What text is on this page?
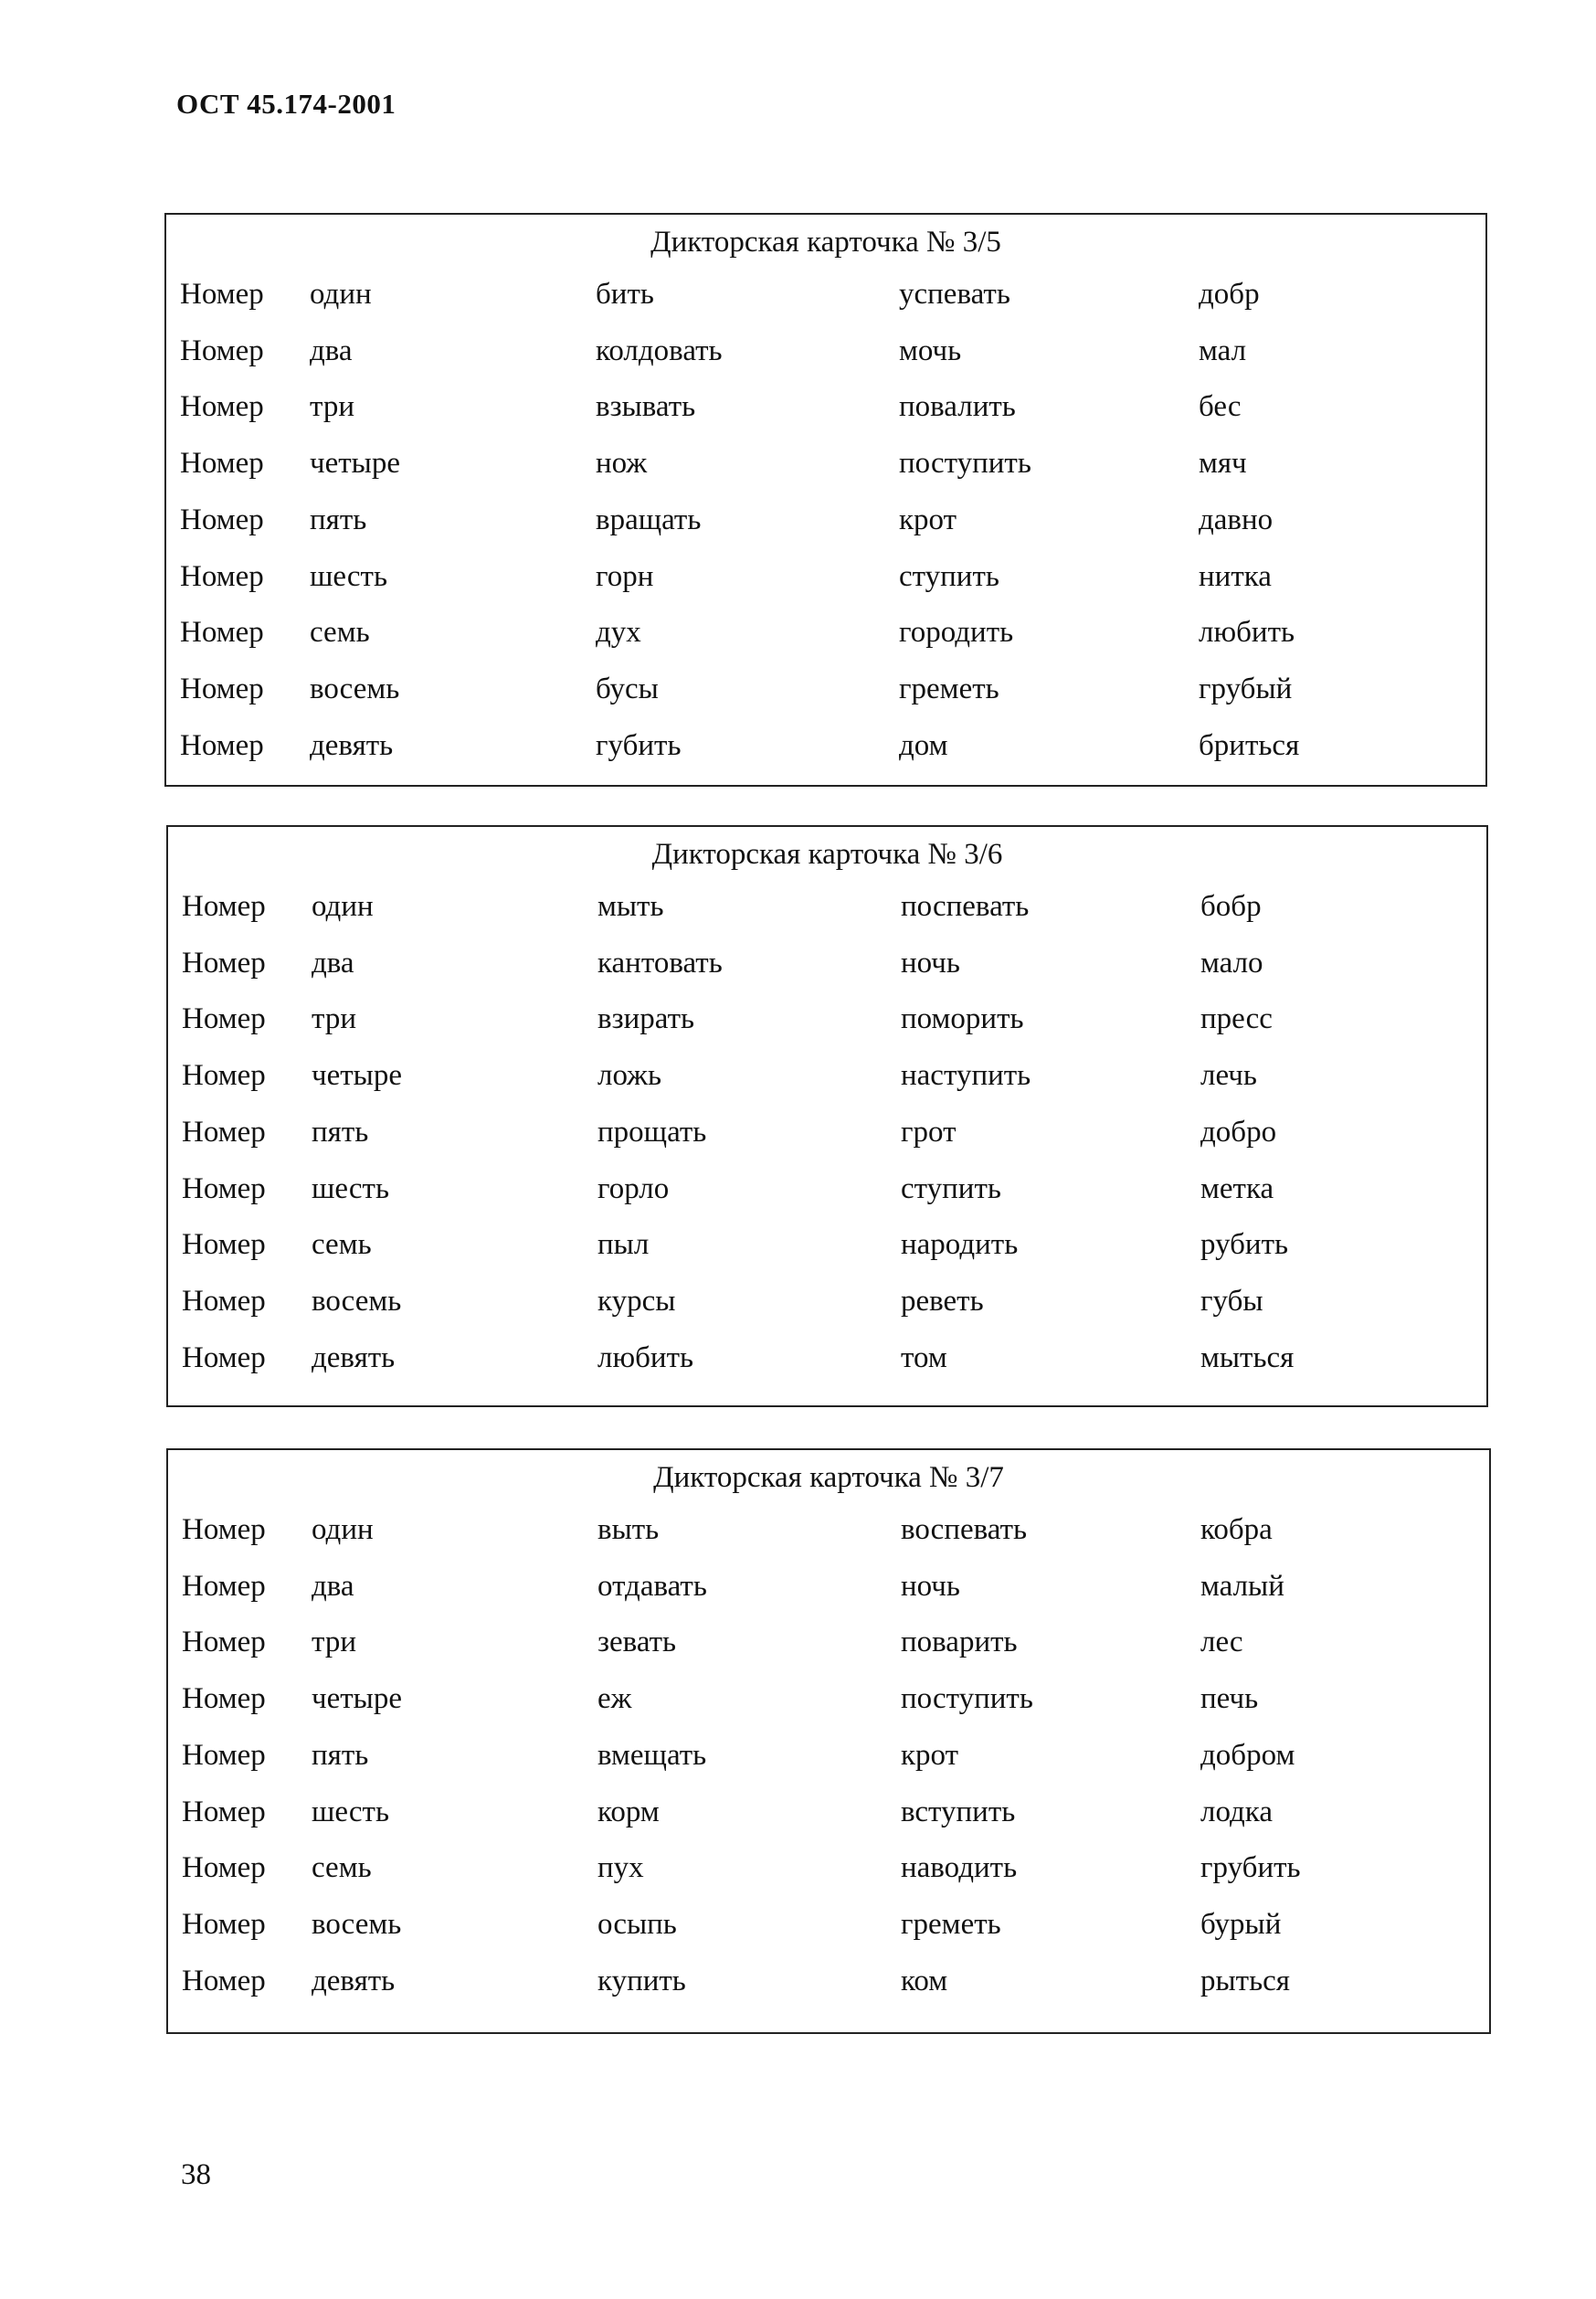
ОСТ 45.174-2001
Дикторская карточка № 3/5
Номер один	бить	успевать	добр
Номер два	колдовать	мочь	мал
Номер три	взывать	повалить	бес
Номер четыре	нож	поступить	мяч
Номер пять	вращать	крот	давно
Номер шесть	горн	ступить	нитка
Номер семь	дух	городить	любить
Номер восемь	бусы	греметь	грубый
Номер девять	губить	дом	бриться
Дикторская карточка № 3/6
Номер один	мыть	поспевать	бобр
Номер два	кантовать	ночь	мало
Номер три	взирать	поморить	пресс
Номер четыре	ложь	наступить	лечь
Номер пять	прощать	грот	добро
Номер шесть	горло	ступить	метка
Номер семь	пыл	народить	рубить
Номер восемь	курсы	реветь	губы
Номер девять	любить	том	мыться
Дикторская карточка № 3/7
Номер один	выть	воспевать	кобра
Номер два	отдавать	ночь	малый
Номер три	зевать	поварить	лес
Номер четыре	еж	поступить	печь
Номер пять	вмещать	крот	добром
Номер шесть	корм	вступить	лодка
Номер семь	пух	наводить	грубить
Номер восемь	осыпь	греметь	бурый
Номер девять	купить	ком	рыться
38
